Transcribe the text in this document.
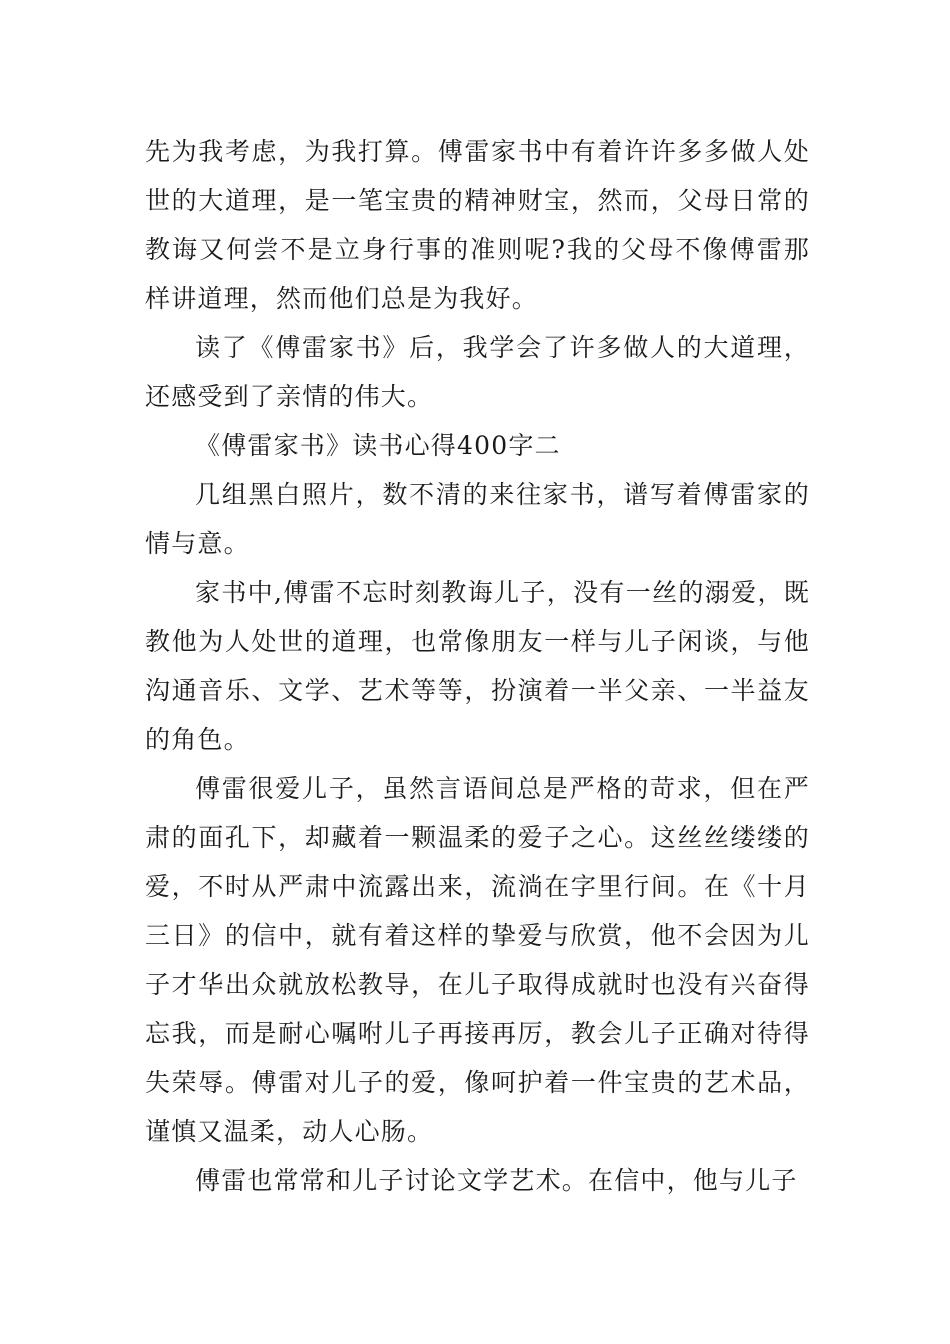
先为我考虑，为我打算。傅雷家书中有着许许多多做人处世的大道理，是一笔宝贵的精神财宝，然而，父母日常的教诲又何尝不是立身行事的准则呢?我的父母不像傅雷那样讲道理，然而他们总是为我好。

读了《傅雷家书》后，我学会了许多做人的大道理，还感受到了亲情的伟大。

《傅雷家书》读书心得400字二

几组黑白照片，数不清的来往家书，谱写着傅雷家的情与意。

家书中,傅雷不忘时刻教诲儿子，没有一丝的溺爱，既教他为人处世的道理，也常像朋友一样与儿子闲谈，与他沟通音乐、文学、艺术等等，扮演着一半父亲、一半益友的角色。

傅雷很爱儿子，虽然言语间总是严格的苛求，但在严肃的面孔下，却藏着一颗温柔的爱子之心。这丝丝缕缕的爱，不时从严肃中流露出来，流淌在字里行间。在《十月三日》的信中，就有着这样的挚爱与欣赏，他不会因为儿子才华出众就放松教导，在儿子取得成就时也没有兴奋得忘我，而是耐心嘱咐儿子再接再厉，教会儿子正确对待得失荣辱。傅雷对儿子的爱，像呵护着一件宝贵的艺术品，谨慎又温柔，动人心肠。

傅雷也常常和儿子讨论文学艺术。在信中，他与儿子
